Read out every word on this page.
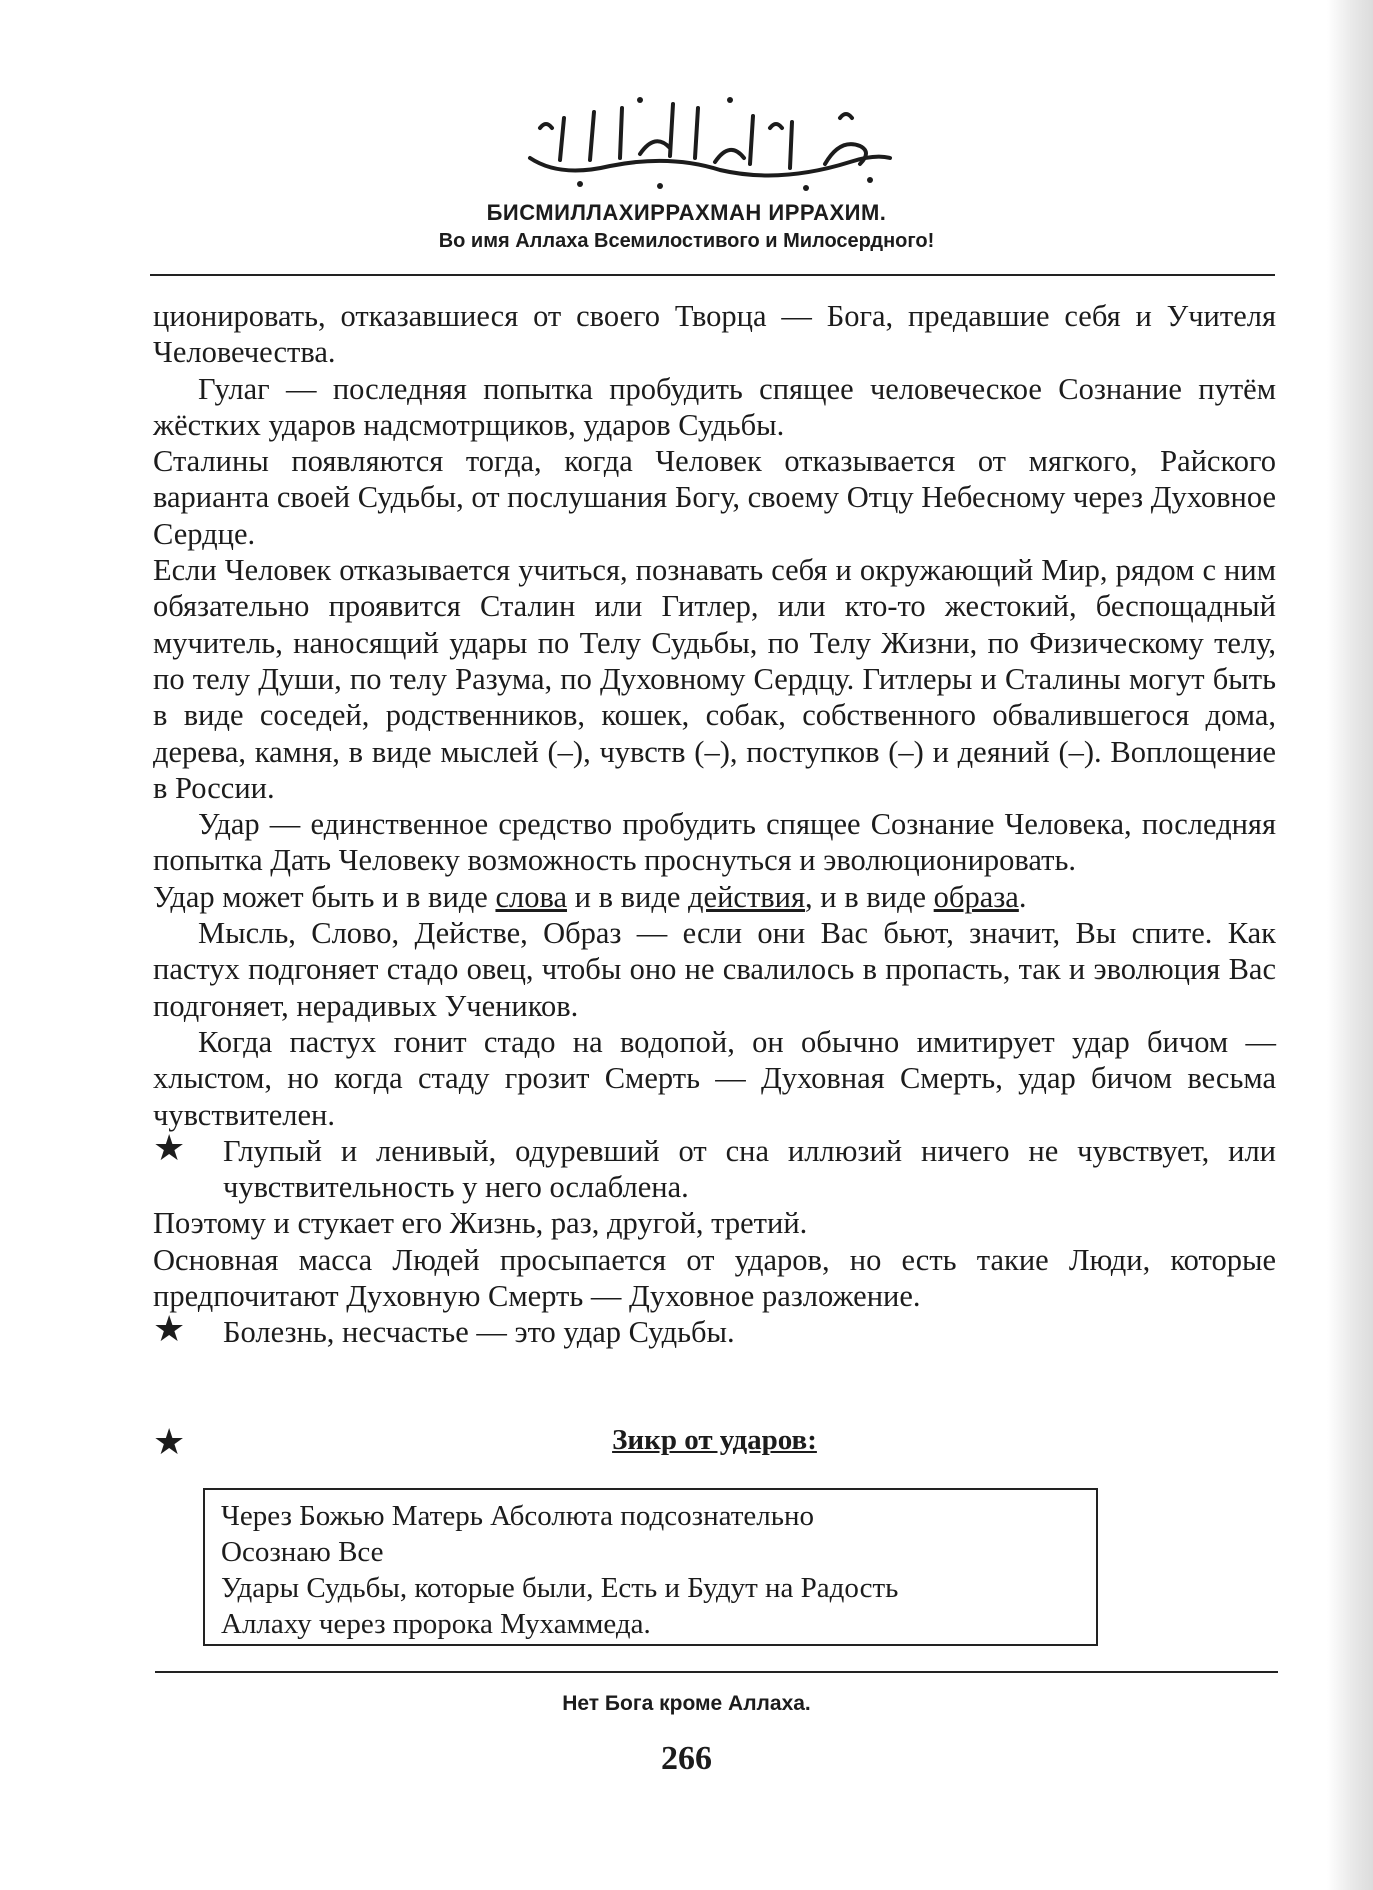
БИСМИЛЛАХИРРАХМАН ИРРАХИМ.
Во имя Аллаха Всемилостивого и Милосердного!

ционировать, отказавшиеся от своего Творца — Бога, предавшие себя и Учителя Человечества.

Гулаг — последняя попытка пробудить спящее человеческое Сознание путём жёстких ударов надсмотрщиков, ударов Судьбы.

Сталины появляются тогда, когда Человек отказывается от мягкого, Райского варианта своей Судьбы, от послушания Богу, своему Отцу Небесному через Духовное Сердце.

Если Человек отказывается учиться, познавать себя и окружающий Мир, рядом с ним обязательно проявится Сталин или Гитлер, или кто-то жестокий, беспощадный мучитель, наносящий удары по Телу Судьбы, по Телу Жизни, по Физическому телу, по телу Души, по телу Разума, по Духовному Сердцу. Гитлеры и Сталины могут быть в виде соседей, родственников, кошек, собак, собственного обвалившегося дома, дерева, камня, в виде мыслей (–), чувств (–), поступков (–) и деяний (–). Воплощение в России.

Удар — единственное средство пробудить спящее Сознание Человека, последняя попытка Дать Человеку возможность проснуться и эволюционировать.

Удар может быть и в виде слова и в виде действия, и в виде образа.

Мысль, Слово, Действе, Образ — если они Вас бьют, значит, Вы спите. Как пастух подгоняет стадо овец, чтобы оно не свалилось в пропасть, так и эволюция Вас подгоняет, нерадивых Учеников.

Когда пастух гонит стадо на водопой, он обычно имитирует удар бичом — хлыстом, но когда стаду грозит Смерть — Духовная Смерть, удар бичом весьма чувствителен.

★ Глупый и ленивый, одуревший от сна иллюзий ничего не чувствует, или чувствительность у него ослаблена.

Поэтому и стукает его Жизнь, раз, другой, третий.

Основная масса Людей просыпается от ударов, но есть такие Люди, которые предпочитают Духовную Смерть — Духовное разложение.

★ Болезнь, несчастье — это удар Судьбы.

★	Зикр от ударов:
Через Божью Матерь Абсолюта подсознательно
Осознаю Все
Удары Судьбы, которые были, Есть и Будут на Радость
Аллаху через пророка Мухаммеда.
Нет Бога кроме Аллаха.
266
